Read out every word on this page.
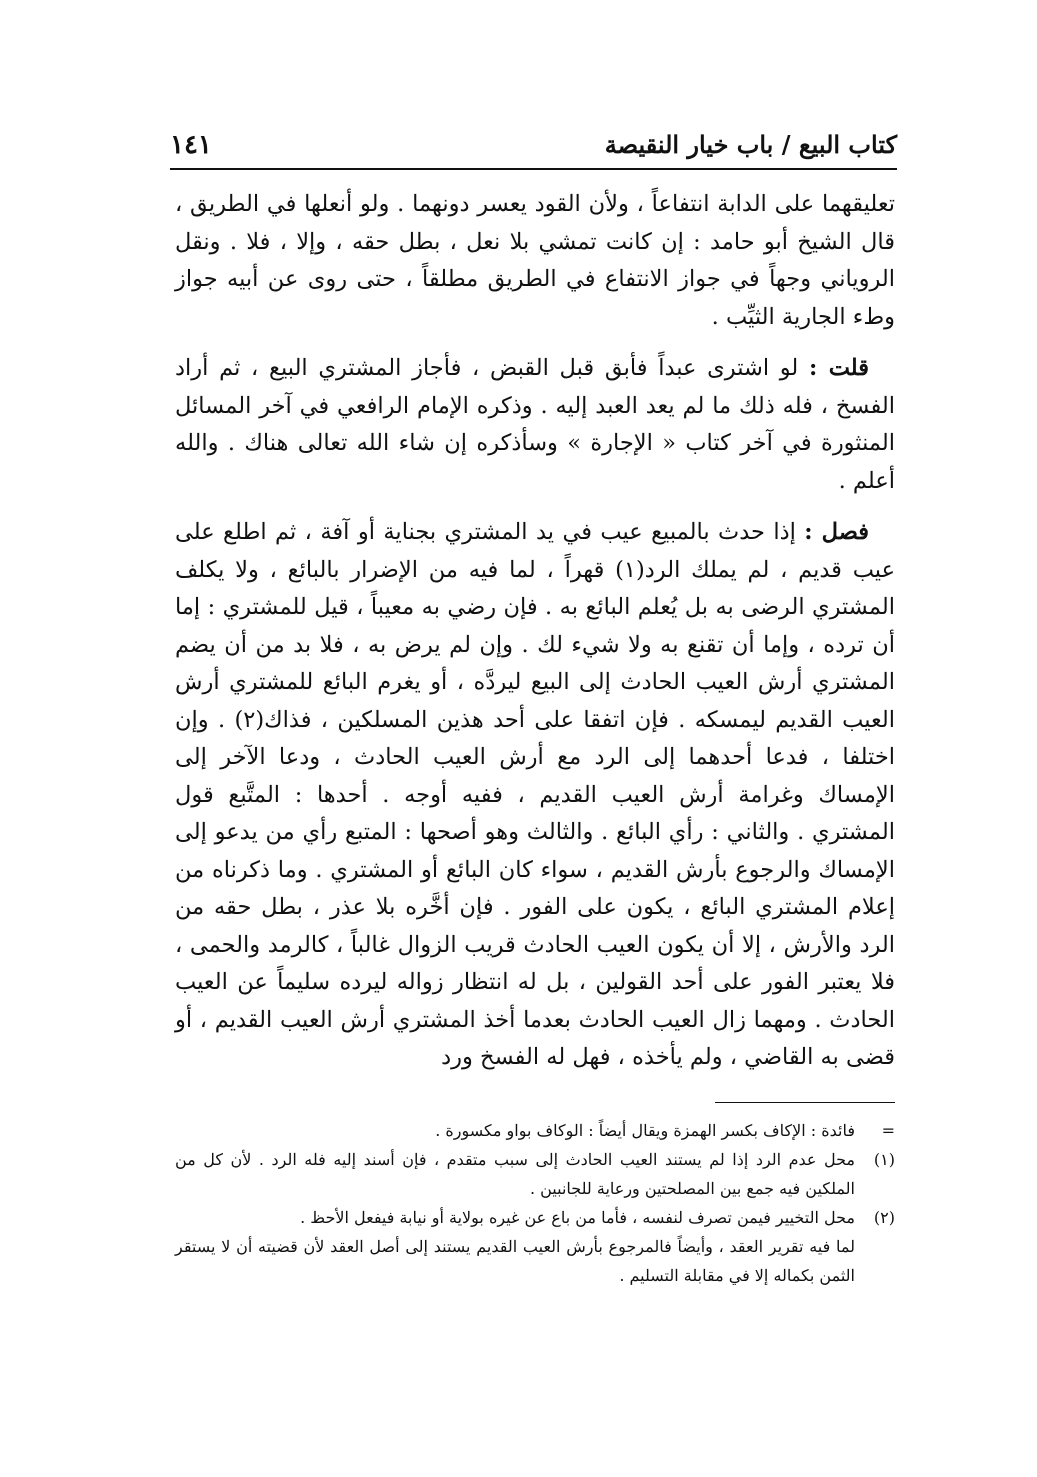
كتاب البيع / باب خيار النقيصة
١٤١

تعليقهما على الدابة انتفاعاً ، ولأن القود يعسر دونهما . ولو أنعلها في الطريق ، قال الشيخ أبو حامد : إن كانت تمشي بلا نعل ، بطل حقه ، وإلا ، فلا . ونقل الروياني وجهاً في جواز الانتفاع في الطريق مطلقاً ، حتى روى عن أبيه جواز وطء الجارية الثيِّب .

قلت : لو اشترى عبداً فأبق قبل القبض ، فأجاز المشتري البيع ، ثم أراد الفسخ ، فله ذلك ما لم يعد العبد إليه . وذكره الإمام الرافعي في آخر المسائل المنثورة في آخر كتاب « الإجارة » وسأذكره إن شاء الله تعالى هناك . والله أعلم .

فصل : إذا حدث بالمبيع عيب في يد المشتري بجناية أو آفة ، ثم اطلع على عيب قديم ، لم يملك الرد(١) قهراً ، لما فيه من الإضرار بالبائع ، ولا يكلف المشتري الرضى به بل يُعلم البائع به . فإن رضي به معيباً ، قيل للمشتري : إما أن ترده ، وإما أن تقنع به ولا شيء لك . وإن لم يرض به ، فلا بد من أن يضم المشتري أرش العيب الحادث إلى البيع ليردَّه ، أو يغرم البائع للمشتري أرش العيب القديم ليمسكه . فإن اتفقا على أحد هذين المسلكين ، فذاك(٢) . وإن اختلفا ، فدعا أحدهما إلى الرد مع أرش العيب الحادث ، ودعا الآخر إلى الإمساك وغرامة أرش العيب القديم ، ففيه أوجه . أحدها : المتَّبع قول المشتري . والثاني : رأي البائع . والثالث وهو أصحها : المتبع رأي من يدعو إلى الإمساك والرجوع بأرش القديم ، سواء كان البائع أو المشتري . وما ذكرناه من إعلام المشتري البائع ، يكون على الفور . فإن أخَّره بلا عذر ، بطل حقه من الرد والأرش ، إلا أن يكون العيب الحادث قريب الزوال غالباً ، كالرمد والحمى ، فلا يعتبر الفور على أحد القولين ، بل له انتظار زواله ليرده سليماً عن العيب الحادث . ومهما زال العيب الحادث بعدما أخذ المشتري أرش العيب القديم ، أو قضى به القاضي ، ولم يأخذه ، فهل له الفسخ ورد

=
فائدة : الإكاف بكسر الهمزة ويقال أيضاً : الوكاف بواو مكسورة .
(١)
محل عدم الرد إذا لم يستند العيب الحادث إلى سبب متقدم ، فإن أسند إليه فله الرد . لأن كل من الملكين فيه جمع بين المصلحتين ورعاية للجانبين .
(٢)
محل التخيير فيمن تصرف لنفسه ، فأما من باع عن غيره بولاية أو نيابة فيفعل الأحظ .

لما فيه تقرير العقد ، وأيضاً فالمرجوع بأرش العيب القديم يستند إلى أصل العقد لأن قضيته أن لا يستقر الثمن بكماله إلا في مقابلة التسليم .
